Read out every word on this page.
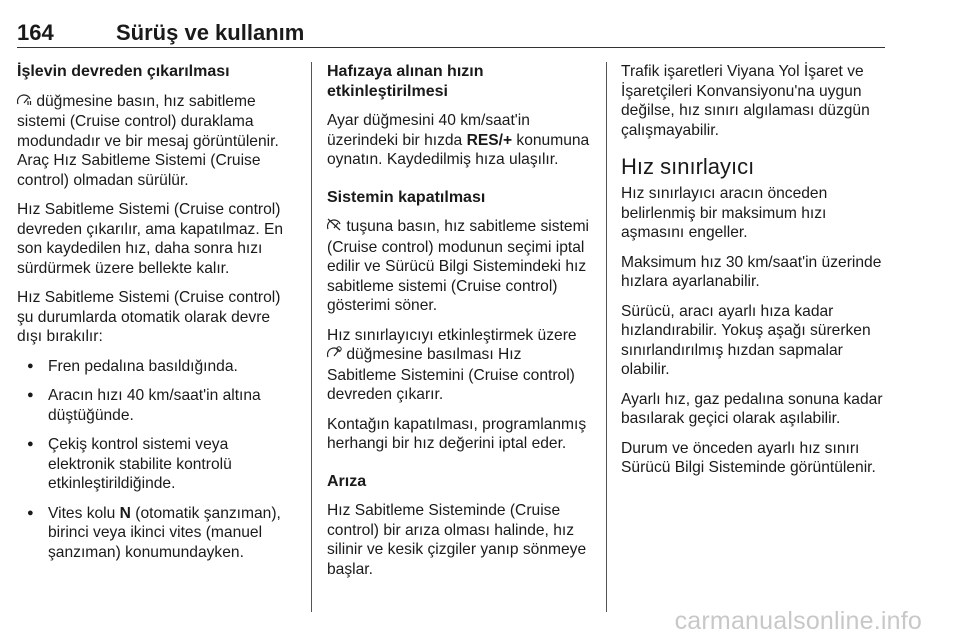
164	Sürüş ve kullanım
İşlevin devreden çıkarılması

düğmesine basın, hız sabitleme sistemi (Cruise control) duraklama modundadır ve bir mesaj görüntülenir. Araç Hız Sabitleme Sistemi (Cruise control) olmadan sürülür.

Hız Sabitleme Sistemi (Cruise control) devreden çıkarılır, ama kapatılmaz. En son kaydedilen hız, daha sonra hızı sürdürmek üzere bellekte kalır.

Hız Sabitleme Sistemi (Cruise control) şu durumlarda otomatik olarak devre dışı bırakılır:

● Fren pedalına basıldığında.
● Aracın hızı 40 km/saat'in altına düştüğünde.
● Çekiş kontrol sistemi veya elektronik stabilite kontrolü etkinleştirildiğinde.
● Vites kolu N (otomatik şanzıman), birinci veya ikinci vites (manuel şanzıman) konumundayken.
Hafızaya alınan hızın etkinleştirilmesi

Ayar düğmesini 40 km/saat'in üzerindeki bir hızda RES/+ konumuna oynatın. Kaydedilmiş hıza ulaşılır.

Sistemin kapatılması

tuşuna basın, hız sabitleme sistemi (Cruise control) modunun seçimi iptal edilir ve Sürücü Bilgi Sistemindeki hız sabitleme sistemi (Cruise control) gösterimi söner.

Hız sınırlayıcıyı etkinleştirmek üzere  düğmesine basılması Hız Sabitleme Sistemini (Cruise control) devreden çıkarır.

Kontağın kapatılması, programlanmış herhangi bir hız değerini iptal eder.

Arıza

Hız Sabitleme Sisteminde (Cruise control) bir arıza olması halinde, hız silinir ve kesik çizgiler yanıp sönmeye başlar.

Trafik işaretleri Viyana Yol İşaret ve İşaretçileri Konvansiyonu'na uygun değilse, hız sınırı algılaması düzgün çalışmayabilir.

Hız sınırlayıcı

Hız sınırlayıcı aracın önceden belirlenmiş bir maksimum hızı aşmasını engeller.

Maksimum hız 30 km/saat'in üzerinde hızlara ayarlanabilir.

Sürücü, aracı ayarlı hıza kadar hızlandırabilir. Yokuş aşağı sürerken sınırlandırılmış hızdan sapmalar olabilir.

Ayarlı hız, gaz pedalına sonuna kadar basılarak geçici olarak aşılabilir.

Durum ve önceden ayarlı hız sınırı Sürücü Bilgi Sisteminde görüntülenir.

carmanualsonline.info
